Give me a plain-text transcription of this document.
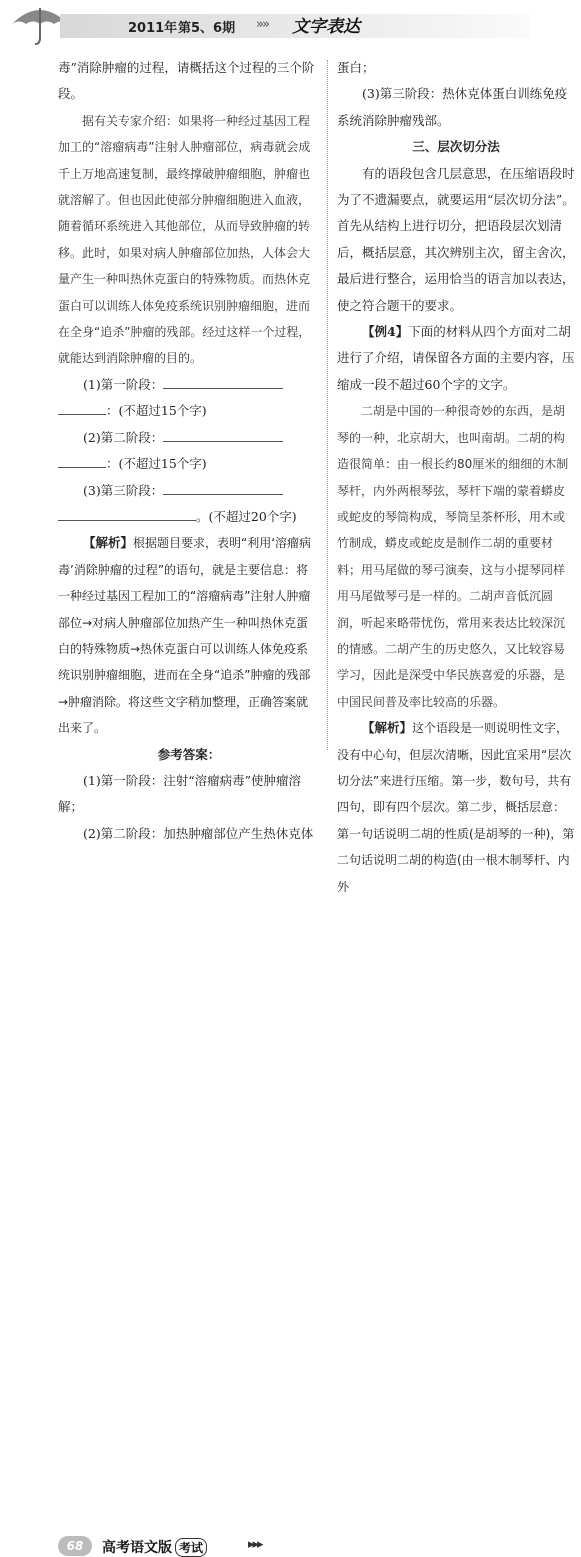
2011年 第5、6期 »» 文字表达

毒”消除肿瘤的过程，请概括这个过程的三个阶段。

据有关专家介绍：如果将一种经过基因工程加工的“溶瘤病毒”注射人肿瘤部位，病毒就会成千上万地高速复制，最终撑破肿瘤细胞，肿瘤也就溶解了。但也因此使部分肿瘤细胞进入血液，随着循环系统进入其他部位，从而导致肿瘤的转移。此时，如果对病人肿瘤部位加热，人体会大量产生一种叫热休克蛋白的特殊物质。而热休克蛋白可以训练人体免疫系统识别肿瘤细胞，进而在全身“追杀”肿瘤的残部。经过这样一个过程，就能达到消除肿瘤的目的。

(1)第一阶段：

：(不超过15个字)

(2)第二阶段：

：(不超过15个字)

(3)第三阶段：

。(不超过20个字)

【解析】根据题目要求，表明“利用‘溶瘤病毒’消除肿瘤的过程”的语句，就是主要信息：将一种经过基因工程加工的“溶瘤病毒”注射人肿瘤部位→对病人肿瘤部位加热产生一种叫热休克蛋白的特殊物质→热休克蛋白可以训练人体免疫系统识别肿瘤细胞，进而在全身“追杀”肿瘤的残部→肿瘤消除。将这些文字稍加整理，正确答案就出来了。

参考答案：

(1)第一阶段：注射“溶瘤病毒”使肿瘤溶解；

(2)第二阶段：加热肿瘤部位产生热休克体

蛋白；

(3)第三阶段：热休克体蛋白训练免疫系统消除肿瘤残部。

三、层次切分法

有的语段包含几层意思，在压缩语段时为了不遗漏要点，就要运用“层次切分法”。首先从结构上进行切分，把语段层次划清后，概括层意，其次辨别主次，留主舍次，最后进行整合，运用恰当的语言加以表达，使之符合题干的要求。

【例4】下面的材料从四个方面对二胡进行了介绍，请保留各方面的主要内容，压缩成一段不超过60个字的文字。

二胡是中国的一种很奇妙的东西，是胡琴的一种，北京胡大，也叫南胡。二胡的构造很简单：由一根长约80厘米的细细的木制琴杆，内外两根琴弦，琴杆下端的蒙着蟒皮或蛇皮的琴筒构成，琴筒呈茶杯形，用木或竹制成，蟒皮或蛇皮是制作二胡的重要材料；用马尾做的琴弓演奏，这与小提琴同样用马尾做琴弓是一样的。二胡声音低沉圆润，听起来略带忧伤，常用来表达比较深沉的情感。二胡产生的历史悠久，又比较容易学习，因此是深受中华民族喜爱的乐器，是中国民间普及率比较高的乐器。

【解析】这个语段是一则说明性文字，没有中心句，但层次清晰，因此宜采用“层次切分法”来进行压缩。第一步，数句号，共有四句，即有四个层次。第二步，概括层意：第一句话说明二胡的性质(是胡琴的一种)，第二句话说明二胡的构造(由一根木制琴杆、内外

68	高考语文版 考试	▸▸▸
